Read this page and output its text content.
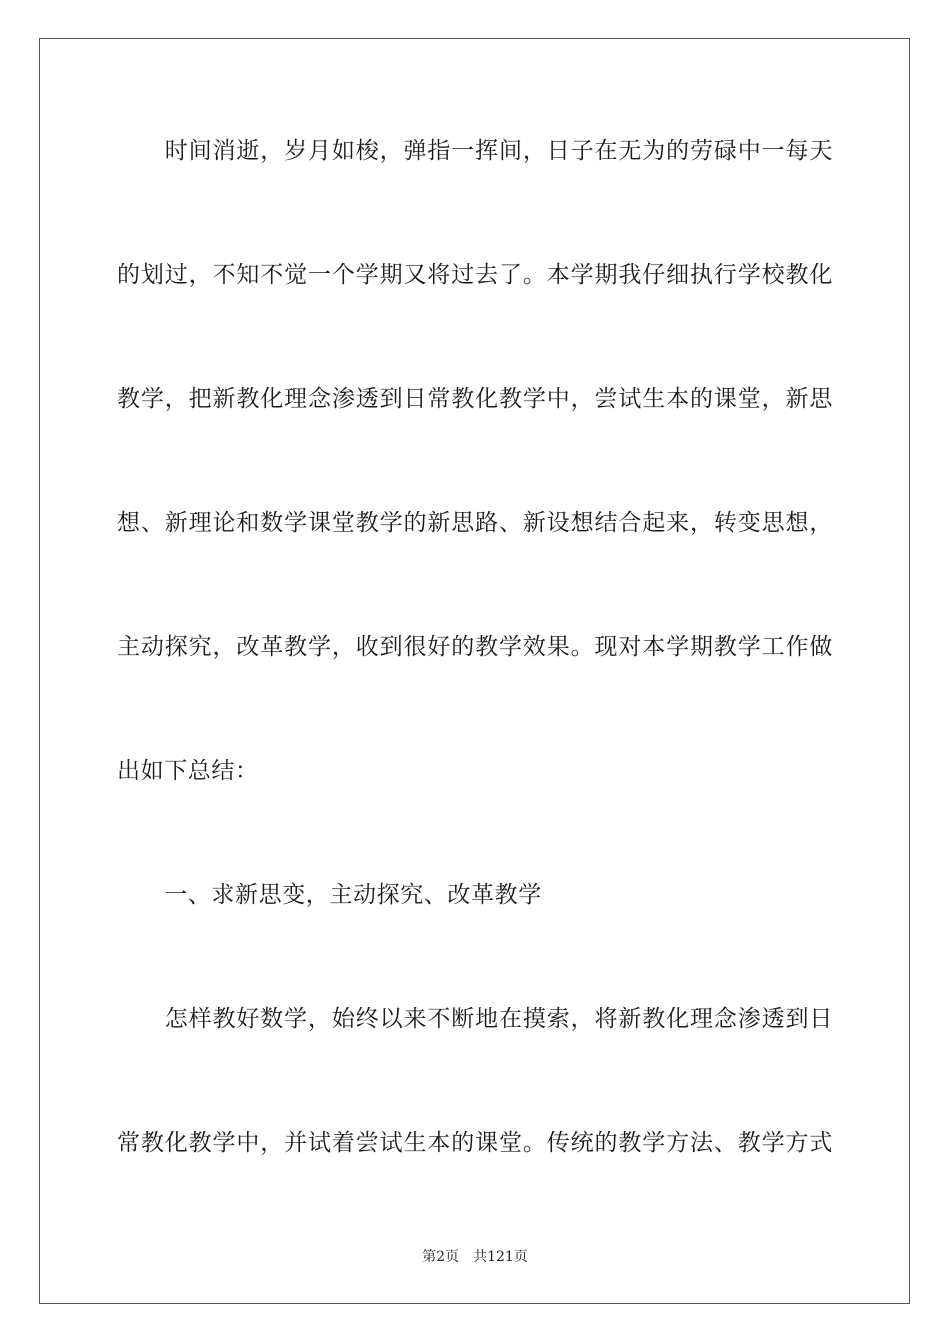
　　时间消逝，岁月如梭，弹指一挥间，日子在无为的劳碌中一每天
的划过，不知不觉一个学期又将过去了。本学期我仔细执行学校教化
教学，把新教化理念渗透到日常教化教学中，尝试生本的课堂，新思
想、新理论和数学课堂教学的新思路、新设想结合起来，转变思想，
主动探究，改革教学，收到很好的教学效果。现对本学期教学工作做
出如下总结：
　　一、求新思变，主动探究、改革教学
　　怎样教好数学，始终以来不断地在摸索，将新教化理念渗透到日
常教化教学中，并试着尝试生本的课堂。传统的教学方法、教学方式
第2页 共121页
